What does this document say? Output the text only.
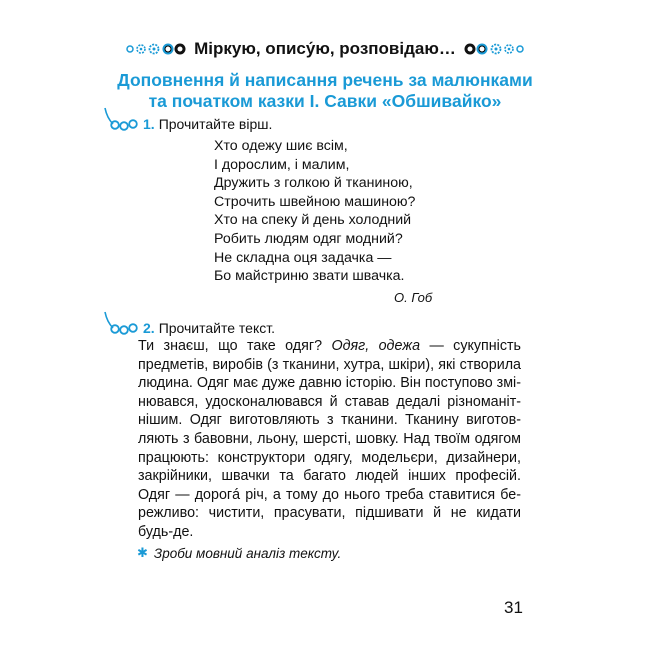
Міркую, опису́ю, розповідаю…
Доповнення й написання речень за малюнками
та початком казки І. Савки «Обшивайко»
1. Прочитайте вірш.
Хто одежу шиє всім,
І дорослим, і малим,
Дружить з голкою й тканиною,
Строчить швейною машиною?
Хто на спеку й день холодний
Робить людям одяг модний?
Не складна оця задачка —
Бо майстриню звати швачка.
О. Гоб
2. Прочитайте текст.
Ти знаєш, що таке одяг? Одяг, одежа — сукупність
предметів, виробів (з тканини, хутра, шкіри), які створила
людина. Одяг має дуже давню історію. Він поступово змі-
нювався, удосконалювався й ставав дедалі різноманіт-
нішим. Одяг виготовляють з тканини. Тканину виготов-
ляють з бавовни, льону, шерсті, шовку. Над твоїм одягом
працюють: конструктори одягу, модельєри, дизайнери,
закрійники, швачки та багато людей інших професій.
Одяг — дорогá річ, а тому до нього треба ставитися бе-
режливо: чистити, прасувати, підшивати й не кидати
будь-де.
✱ Зроби мовний аналіз тексту.
31
